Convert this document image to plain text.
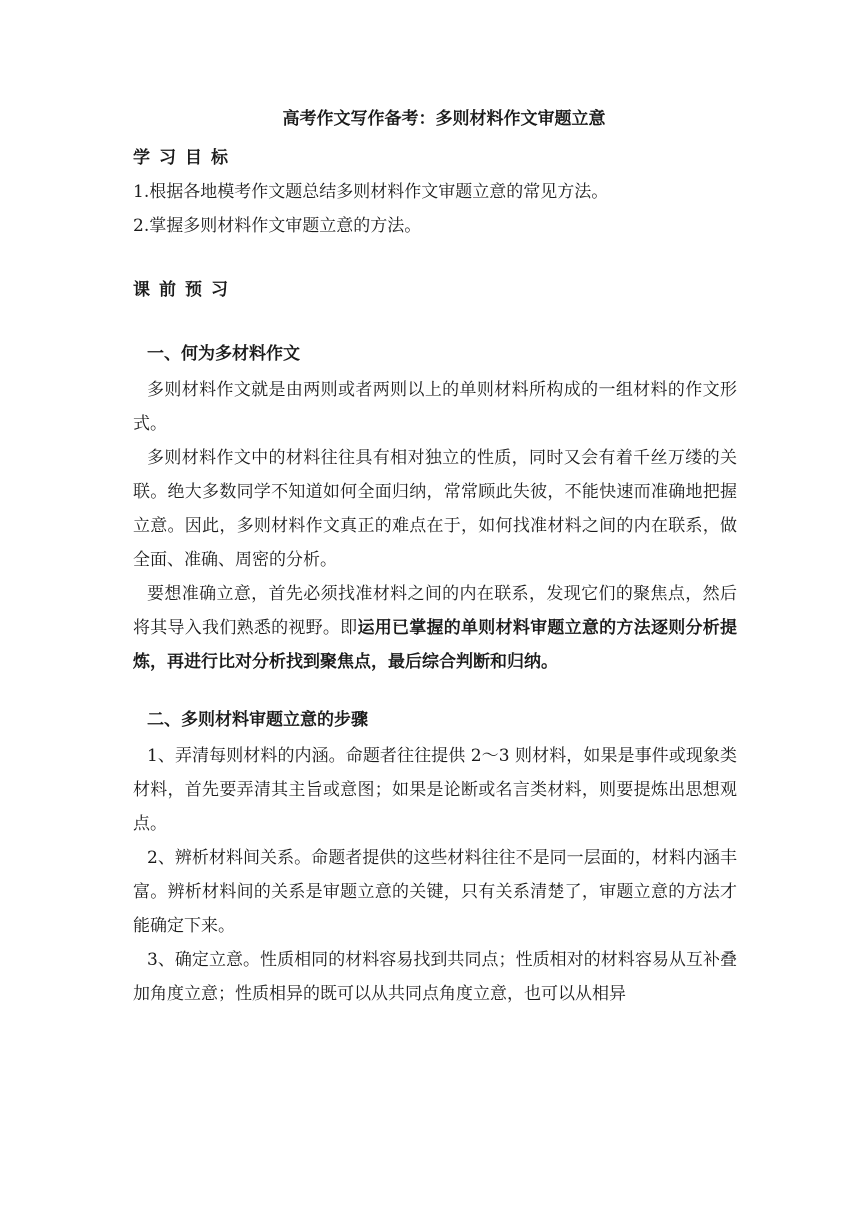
高考作文写作备考：多则材料作文审题立意
学习目标
1.根据各地模考作文题总结多则材料作文审题立意的常见方法。
2.掌握多则材料作文审题立意的方法。
课前预习
一、何为多材料作文

多则材料作文就是由两则或者两则以上的单则材料所构成的一组材料的作文形式。

多则材料作文中的材料往往具有相对独立的性质，同时又会有着千丝万缕的关联。绝大多数同学不知道如何全面归纳，常常顾此失彼，不能快速而准确地把握立意。因此，多则材料作文真正的难点在于，如何找准材料之间的内在联系，做全面、准确、周密的分析。

要想准确立意，首先必须找准材料之间的内在联系，发现它们的聚焦点，然后将其导入我们熟悉的视野。即运用已掌握的单则材料审题立意的方法逐则分析提炼，再进行比对分析找到聚焦点，最后综合判断和归纳。

二、多则材料审题立意的步骤

1、弄清每则材料的内涵。命题者往往提供 2～3 则材料，如果是事件或现象类材料，首先要弄清其主旨或意图；如果是论断或名言类材料，则要提炼出思想观点。

2、辨析材料间关系。命题者提供的这些材料往往不是同一层面的，材料内涵丰富。辨析材料间的关系是审题立意的关键，只有关系清楚了，审题立意的方法才能确定下来。

3、确定立意。性质相同的材料容易找到共同点；性质相对的材料容易从互补叠加角度立意；性质相异的既可以从共同点角度立意，也可以从相异
